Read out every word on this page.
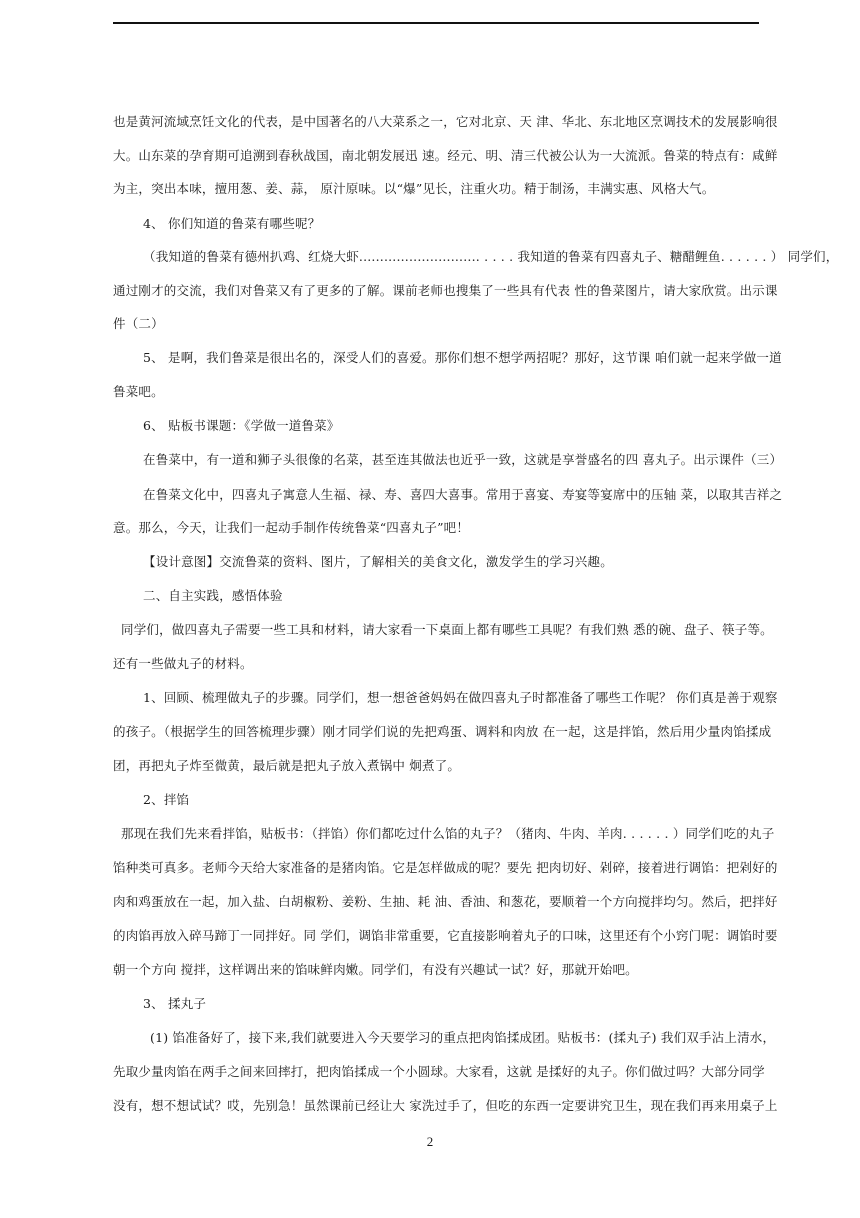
也是黄河流域烹饪文化的代表，是中国著名的八大菜系之一，它对北京、天 津、华北、东北地区烹调技术的发展影响很

大。山东菜的孕育期可追溯到春秋战国，南北朝发展迅 速。经元、明、清三代被公认为一大流派。鲁菜的特点有：咸鲜

为主，突出本味，擅用葱、姜、蒜， 原汁原味。以“爆”见长，注重火功。精于制汤，丰满实惠、风格大气。

4、 你们知道的鲁菜有哪些呢？

（我知道的鲁菜有德州扒鸡、红烧大虾............................. . . . . 我知道的鲁菜有四喜丸子、糖醋鲤鱼. . . . . . ） 同学们，

通过刚才的交流，我们对鲁菜又有了更多的了解。课前老师也搜集了一些具有代表 性的鲁菜图片，请大家欣赏。出示课

件（二）

5、 是啊，我们鲁菜是很出名的，深受人们的喜爱。那你们想不想学两招呢？那好，这节课 咱们就一起来学做一道

鲁菜吧。

6、 贴板书课题：《学做一道鲁菜》

在鲁菜中，有一道和狮子头很像的名菜，甚至连其做法也近乎一致，这就是享誉盛名的四 喜丸子。出示课件（三）

在鲁菜文化中，四喜丸子寓意人生福、禄、寿、喜四大喜事。常用于喜宴、寿宴等宴席中的压轴 菜，以取其吉祥之

意。那么，今天，让我们一起动手制作传统鲁菜“四喜丸子”吧！

【设计意图】交流鲁菜的资料、图片，了解相关的美食文化，激发学生的学习兴趣。

二、自主实践，感悟体验

同学们，做四喜丸子需要一些工具和材料，请大家看一下桌面上都有哪些工具呢？有我们熟 悉的碗、盘子、筷子等。

还有一些做丸子的材料。

1、回顾、梳理做丸子的步骤。同学们，想一想爸爸妈妈在做四喜丸子时都准备了哪些工作呢？ 你们真是善于观察

的孩子。（根据学生的回答梳理步骤）刚才同学们说的先把鸡蛋、调料和肉放 在一起，这是拌馅，然后用少量肉馅揉成

团，再把丸子炸至微黄，最后就是把丸子放入煮锅中 炯煮了。

2、拌馅

那现在我们先来看拌馅，贴板书：（拌馅）你们都吃过什么馅的丸子？（猪肉、牛肉、羊肉. . . . . . ）同学们吃的丸子

馅种类可真多。老师今天给大家准备的是猪肉馅。它是怎样做成的呢？要先 把肉切好、剁碎，接着进行调馅：把剁好的

肉和鸡蛋放在一起，加入盐、白胡椒粉、姜粉、生抽、耗 油、香油、和葱花，要顺着一个方向搅拌均匀。然后，把拌好

的肉馅再放入碎马蹄丁一同拌好。同 学们，调馅非常重要，它直接影响着丸子的口味，这里还有个小窍门呢：调馅时要

朝一个方向 搅拌，这样调出来的馅味鲜肉嫩。同学们，有没有兴趣试一试？好，那就开始吧。

3、 揉丸子

(1) 馅准备好了，接下来,我们就要进入今天要学习的重点把肉馅揉成团。贴板书：(揉丸子) 我们双手沾上清水，

先取少量肉馅在两手之间来回摔打，把肉馅揉成一个小圆球。大家看，这就 是揉好的丸子。你们做过吗？大部分同学

没有，想不想试试？哎，先别急！虽然课前已经让大 家洗过手了，但吃的东西一定要讲究卫生，现在我们再来用桌子上

2
